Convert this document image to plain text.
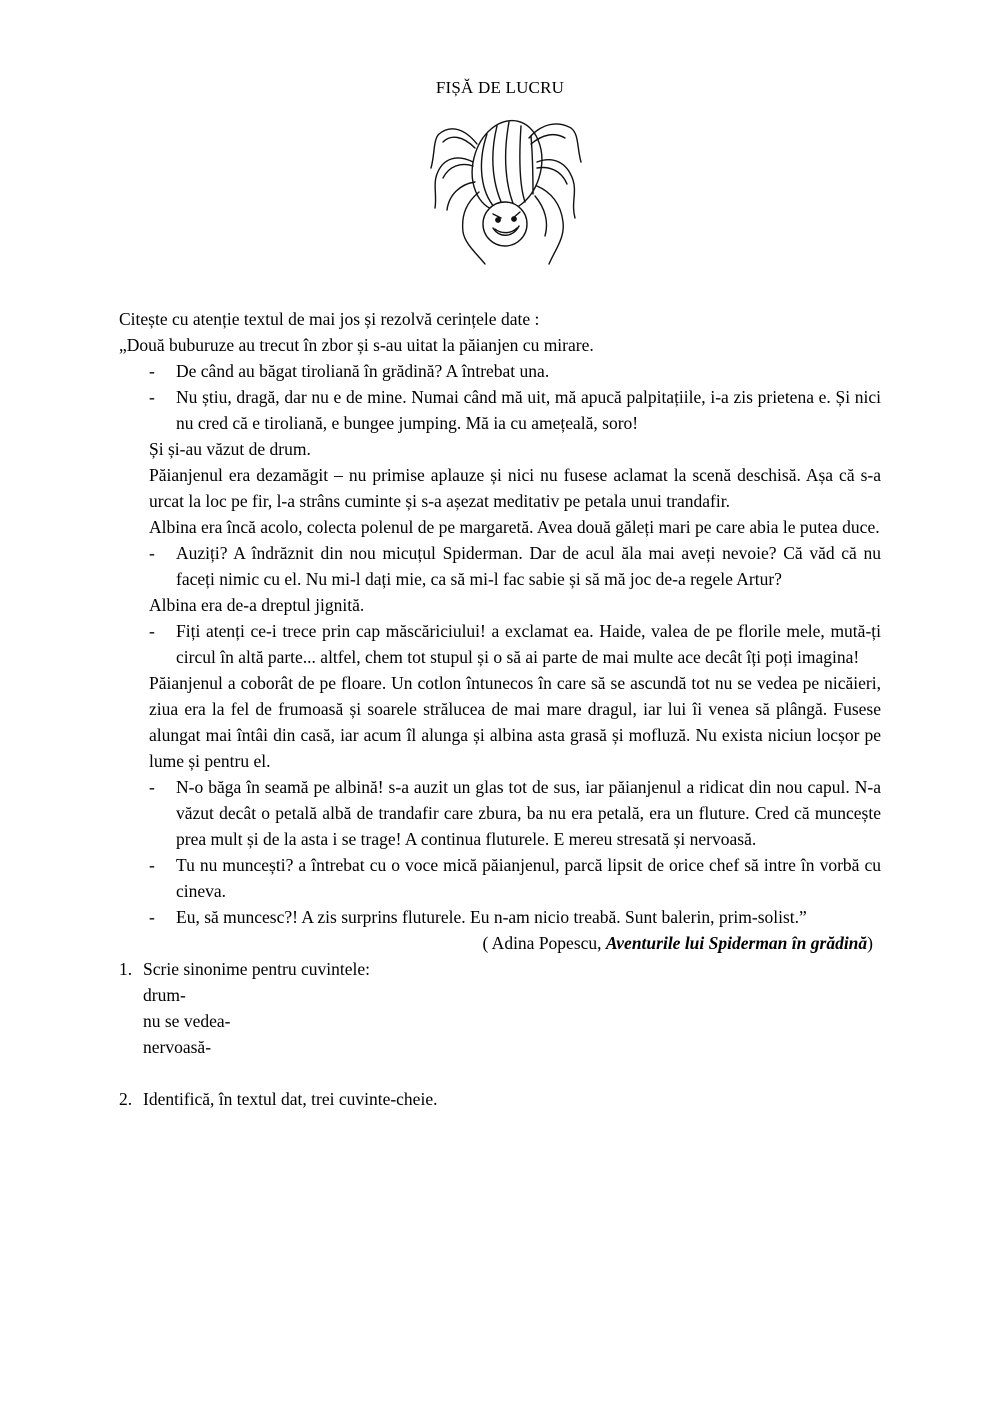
FIȘĂ DE LUCRU

Citește cu atenție textul de mai jos și rezolvă cerințele date :

„Două buburuze au trecut în zbor și s-au uitat la păianjen cu mirare.

- De când au băgat tiroliană în grădină? A întrebat una.

- Nu știu, dragă, dar nu e de mine. Numai când mă uit, mă apucă palpitațiile, i-a zis prietena e. Și nici nu cred că e tiroliană, e bungee jumping. Mă ia cu amețeală, soro!

Și și-au văzut de drum.

Păianjenul era dezamăgit – nu primise aplauze și nici nu fusese aclamat la scenă deschisă. Așa că s-a urcat la loc pe fir, l-a strâns cuminte și s-a așezat meditativ pe petala unui trandafir.

Albina era încă acolo, colecta polenul de pe margaretă. Avea două găleți mari pe care abia le putea duce.

- Auziți? A îndrăznit din nou micuțul Spiderman. Dar de acul ăla mai aveți nevoie? Că văd că nu faceți nimic cu el. Nu mi-l dați mie, ca să mi-l fac sabie și să mă joc de-a regele Artur?

Albina era de-a dreptul jignită.

- Fiți atenți ce-i trece prin cap măscăriciului! a exclamat ea. Haide, valea de pe florile mele, mută-ți circul în altă parte... altfel, chem tot stupul și o să ai parte de mai multe ace decât îți poți imagina!

Păianjenul a coborât de pe floare. Un cotlon întunecos în care să se ascundă tot nu se vedea pe nicăieri, ziua era la fel de frumoasă și soarele strălucea de mai mare dragul, iar lui îi venea să plângă. Fusese alungat mai întâi din casă, iar acum îl alunga și albina asta grasă și mofluză. Nu exista niciun locșor pe lume și pentru el.

- N-o băga în seamă pe albină! s-a auzit un glas tot de sus, iar păianjenul a ridicat din nou capul. N-a văzut decât o petală albă de trandafir care zbura, ba nu era petală, era un fluture. Cred că muncește prea mult și de la asta i se trage! A continua fluturele. E mereu stresată și nervoasă.

- Tu nu muncești? a întrebat cu o voce mică păianjenul, parcă lipsit de orice chef să intre în vorbă cu cineva.

- Eu, să muncesc?! A zis surprins fluturele. Eu n-am nicio treabă. Sunt balerin, prim-solist.”

( Adina Popescu, Aventurile lui Spiderman în grădină)

1. Scrie sinonime pentru cuvintele:

drum-

nu se vedea-

nervoasă-

2. Identifică, în textul dat, trei cuvinte-cheie.
